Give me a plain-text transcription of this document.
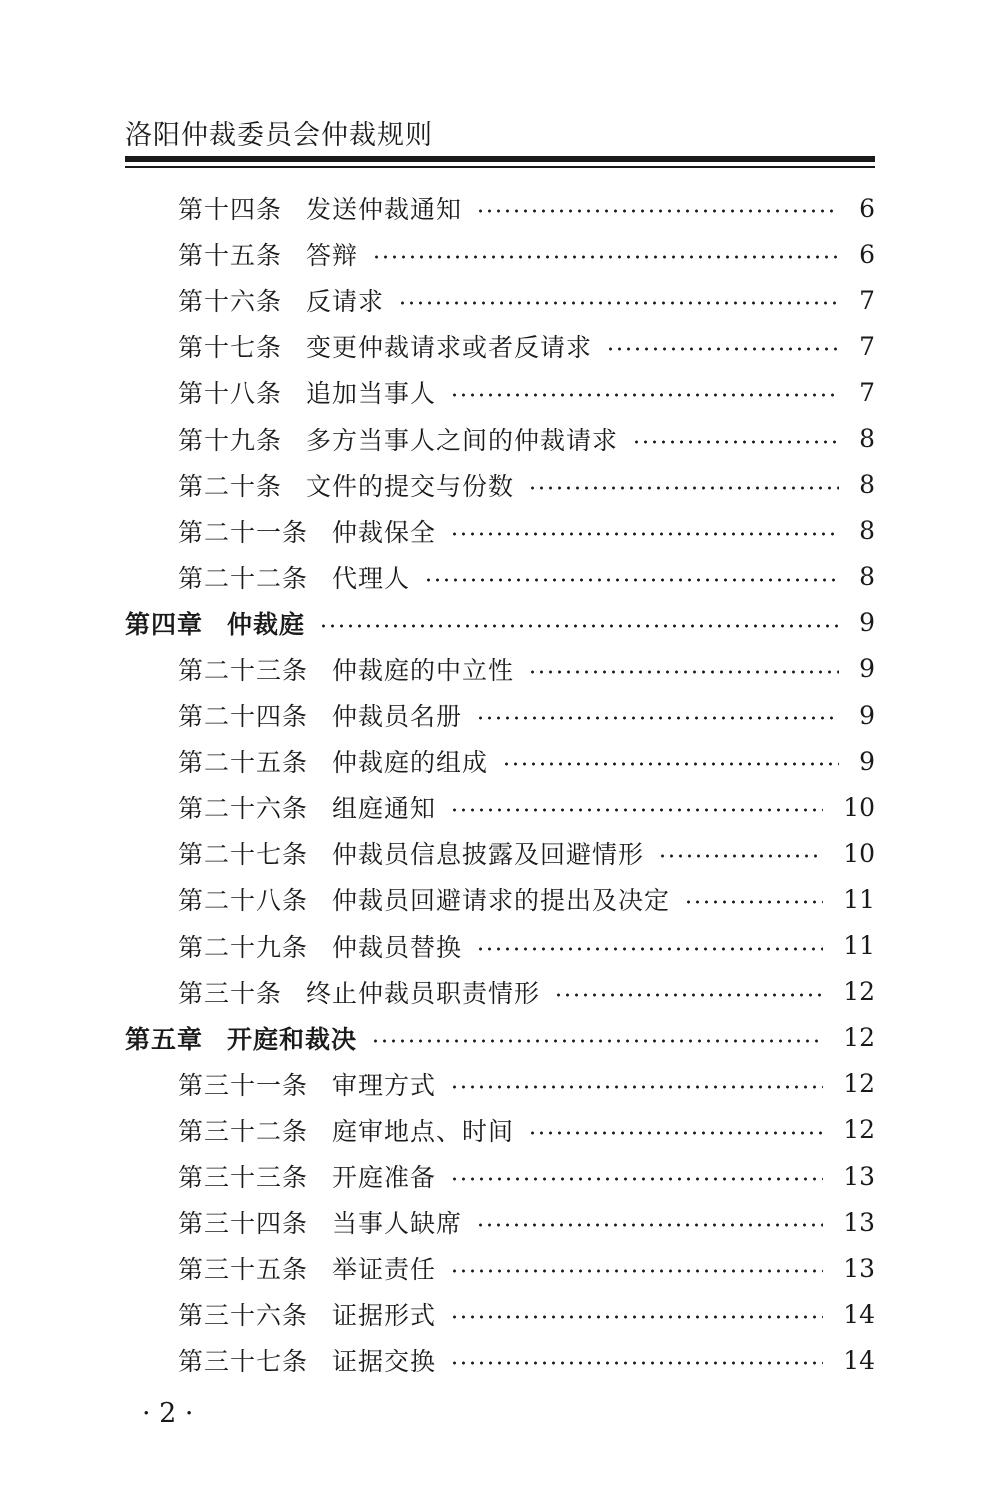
洛阳仲裁委员会仲裁规则
第十四条 发送仲裁通知	6
第十五条 答辩	6
第十六条 反请求	7
第十七条 变更仲裁请求或者反请求	7
第十八条 追加当事人	7
第十九条 多方当事人之间的仲裁请求	8
第二十条 文件的提交与份数	8
第二十一条 仲裁保全	8
第二十二条 代理人	8
第四章 仲裁庭	9
第二十三条 仲裁庭的中立性	9
第二十四条 仲裁员名册	9
第二十五条 仲裁庭的组成	9
第二十六条 组庭通知	10
第二十七条 仲裁员信息披露及回避情形	10
第二十八条 仲裁员回避请求的提出及决定	11
第二十九条 仲裁员替换	11
第三十条 终止仲裁员职责情形	12
第五章 开庭和裁决	12
第三十一条 审理方式	12
第三十二条 庭审地点、时间	12
第三十三条 开庭准备	13
第三十四条 当事人缺席	13
第三十五条 举证责任	13
第三十六条 证据形式	14
第三十七条 证据交换	14
· 2 ·
